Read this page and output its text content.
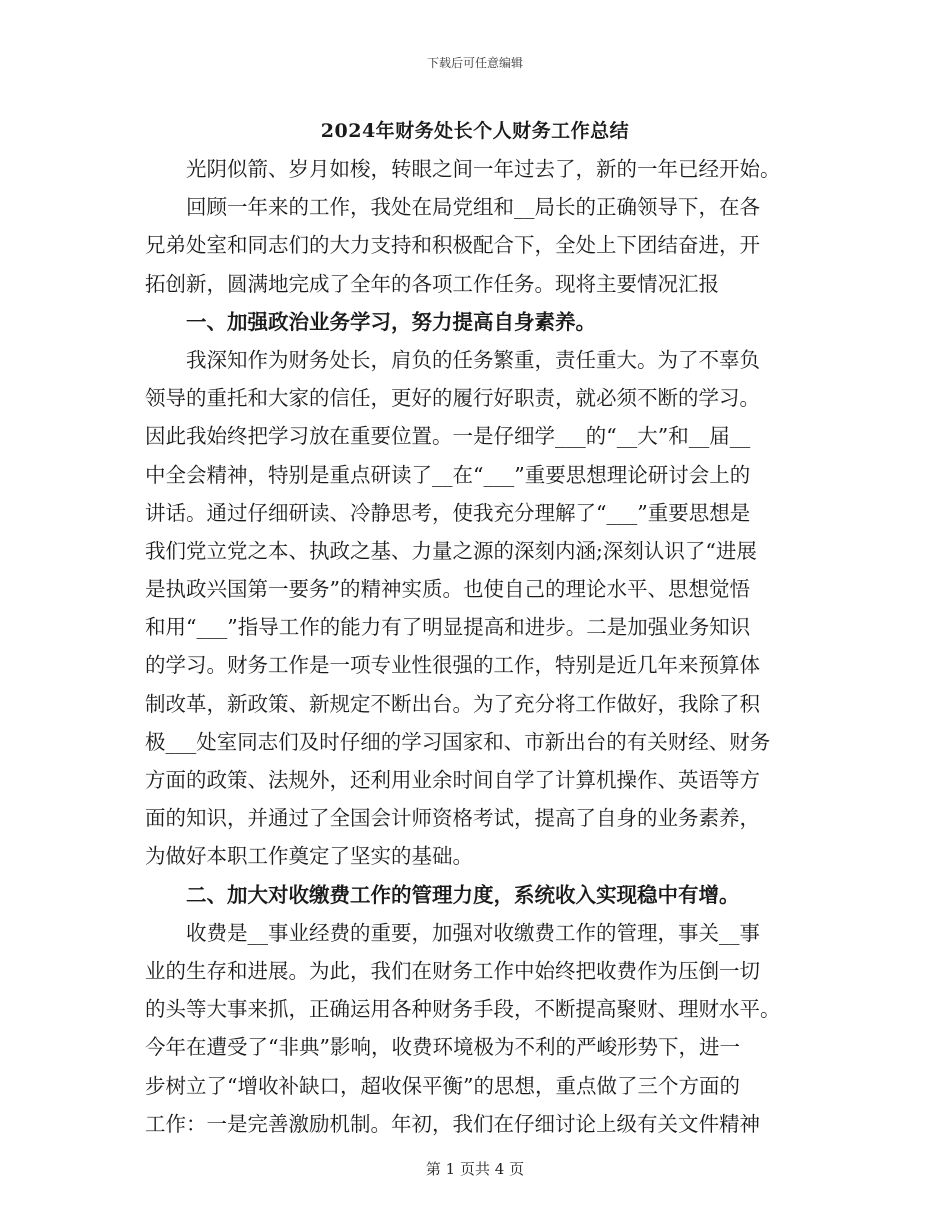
下载后可任意编辑
2024年财务处长个人财务工作总结
光阴似箭、岁月如梭，转眼之间一年过去了，新的一年已经开始。
回顾一年来的工作，我处在局党组和__局长的正确领导下，在各
兄弟处室和同志们的大力支持和积极配合下，全处上下团结奋进，开
拓创新，圆满地完成了全年的各项工作任务。现将主要情况汇报
一、加强政治业务学习，努力提高自身素养。
我深知作为财务处长，肩负的任务繁重，责任重大。为了不辜负
领导的重托和大家的信任，更好的履行好职责，就必须不断的学习。
因此我始终把学习放在重要位置。一是仔细学___的“__大”和__届__
中全会精神，特别是重点研读了__在“___”重要思想理论研讨会上的
讲话。通过仔细研读、冷静思考，使我充分理解了“___”重要思想是
我们党立党之本、执政之基、力量之源的深刻内涵;深刻认识了“进展
是执政兴国第一要务”的精神实质。也使自己的理论水平、思想觉悟
和用“___”指导工作的能力有了明显提高和进步。二是加强业务知识
的学习。财务工作是一项专业性很强的工作，特别是近几年来预算体
制改革，新政策、新规定不断出台。为了充分将工作做好，我除了积
极___处室同志们及时仔细的学习国家和、市新出台的有关财经、财务
方面的政策、法规外，还利用业余时间自学了计算机操作、英语等方
面的知识，并通过了全国会计师资格考试，提高了自身的业务素养，
为做好本职工作奠定了坚实的基础。
二、加大对收缴费工作的管理力度，系统收入实现稳中有增。
收费是__事业经费的重要，加强对收缴费工作的管理，事关__事
业的生存和进展。为此，我们在财务工作中始终把收费作为压倒一切
的头等大事来抓，正确运用各种财务手段，不断提高聚财、理财水平。
今年在遭受了“非典”影响，收费环境极为不利的严峻形势下，进一
步树立了“增收补缺口，超收保平衡”的思想，重点做了三个方面的
工作：一是完善激励机制。年初，我们在仔细讨论上级有关文件精神
第 1 页共 4 页
